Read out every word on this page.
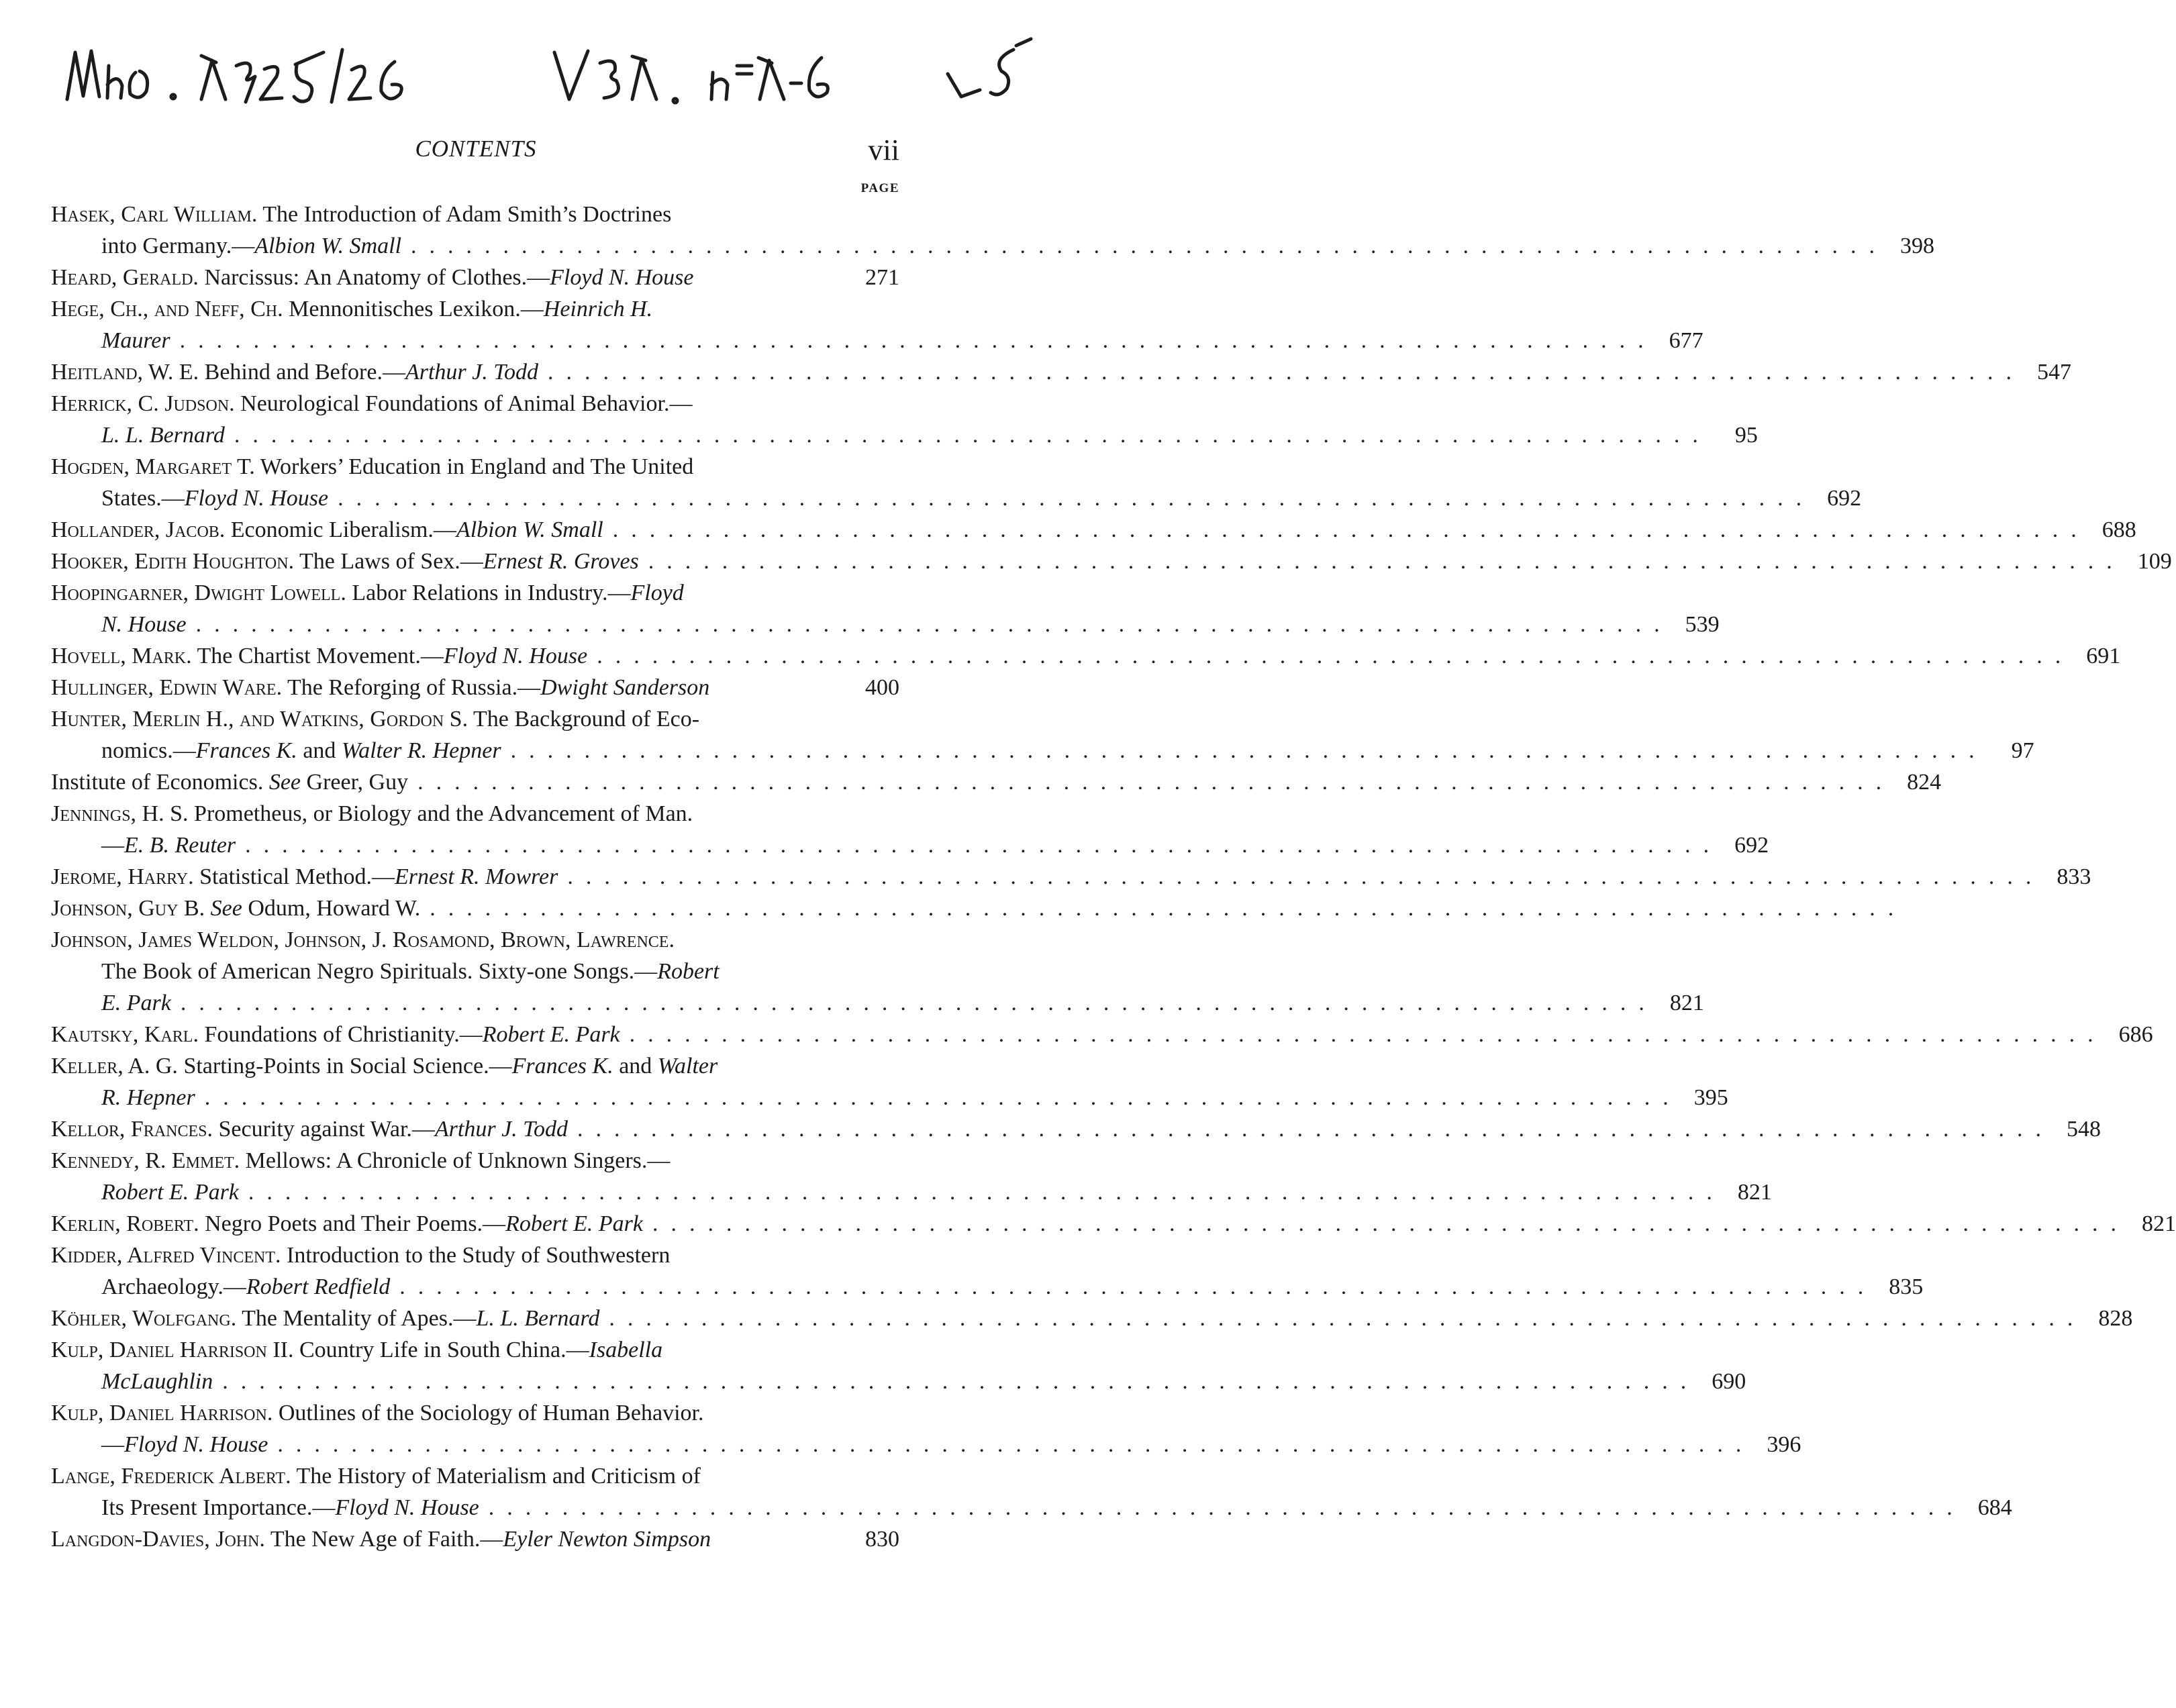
CONTENTS	vii
PAGE
Hasek, Carl William. The Introduction of Adam Smith’s Doctrines
into Germany.—Albion W. Small ................................................................................ 398
Heard, Gerald. Narcissus: An Anatomy of Clothes.—Floyd N. House	271
Hege, Ch., and Neff, Ch. Mennonitisches Lexikon.—Heinrich H.
Maurer ................................................................................ 677
Heitland, W. E. Behind and Before.—Arthur J. Todd ................................................................................ 547
Herrick, C. Judson. Neurological Foundations of Animal Behavior.—
L. L. Bernard ................................................................................	95
Hogden, Margaret T. Workers’ Education in England and The United
States.—Floyd N. House ................................................................................ 692
Hollander, Jacob. Economic Liberalism.—Albion W. Small ................................................................................ 688
Hooker, Edith Houghton. The Laws of Sex.—Ernest R. Groves ................................................................................ 109
Hoopingarner, Dwight Lowell. Labor Relations in Industry.—Floyd
N. House ................................................................................ 539
Hovell, Mark. The Chartist Movement.—Floyd N. House ................................................................................ 691
Hullinger, Edwin Ware. The Reforging of Russia.—Dwight Sanderson	400
Hunter, Merlin H., and Watkins, Gordon S. The Background of Eco-
nomics.—Frances K. and Walter R. Hepner ................................................................................	97
Institute of Economics. See Greer, Guy ................................................................................ 824
Jennings, H. S. Prometheus, or Biology and the Advancement of Man.
—E. B. Reuter ................................................................................ 692
Jerome, Harry. Statistical Method.—Ernest R. Mowrer ................................................................................ 833
Johnson, Guy B. See Odum, Howard W. ................................................................................
Johnson, James Weldon, Johnson, J. Rosamond, Brown, Lawrence.
The Book of American Negro Spirituals. Sixty-one Songs.—Robert
E. Park ................................................................................ 821
Kautsky, Karl. Foundations of Christianity.—Robert E. Park ................................................................................ 686
Keller, A. G. Starting-Points in Social Science.—Frances K. and Walter
R. Hepner ................................................................................ 395
Kellor, Frances. Security against War.—Arthur J. Todd ................................................................................ 548
Kennedy, R. Emmet. Mellows: A Chronicle of Unknown Singers.—
Robert E. Park ................................................................................ 821
Kerlin, Robert. Negro Poets and Their Poems.—Robert E. Park ................................................................................ 821
Kidder, Alfred Vincent. Introduction to the Study of Southwestern
Archaeology.—Robert Redfield ................................................................................ 835
Köhler, Wolfgang. The Mentality of Apes.—L. L. Bernard ................................................................................ 828
Kulp, Daniel Harrison II. Country Life in South China.—Isabella
McLaughlin ................................................................................ 690
Kulp, Daniel Harrison. Outlines of the Sociology of Human Behavior.
—Floyd N. House ................................................................................ 396
Lange, Frederick Albert. The History of Materialism and Criticism of
Its Present Importance.—Floyd N. House ................................................................................ 684
Langdon-Davies, John. The New Age of Faith.—Eyler Newton Simpson	830
